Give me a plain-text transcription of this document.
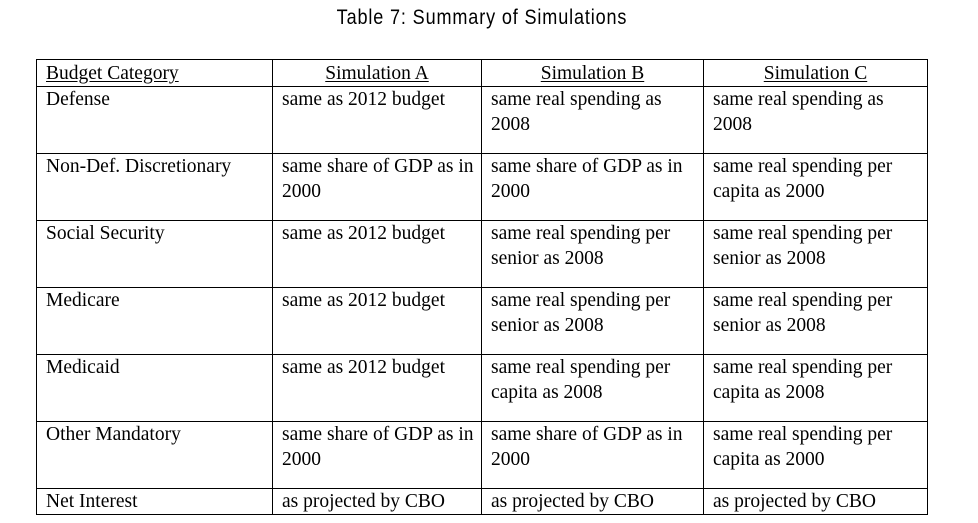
Table 7: Summary of Simulations
Budget Category	Simulation A	Simulation B	Simulation C
Defense	same as 2012 budget	same real spending as 2008	same real spending as 2008
Non-Def. Discretionary	same share of GDP as in 2000	same share of GDP as in 2000	same real spending per capita as 2000
Social Security	same as 2012 budget	same real spending per senior as 2008	same real spending per senior as 2008
Medicare	same as 2012 budget	same real spending per senior as 2008	same real spending per senior as 2008
Medicaid	same as 2012 budget	same real spending per capita as 2008	same real spending per capita as 2008
Other Mandatory	same share of GDP as in 2000	same share of GDP as in 2000	same real spending per capita as 2000
Net Interest	as projected by CBO	as projected by CBO	as projected by CBO
